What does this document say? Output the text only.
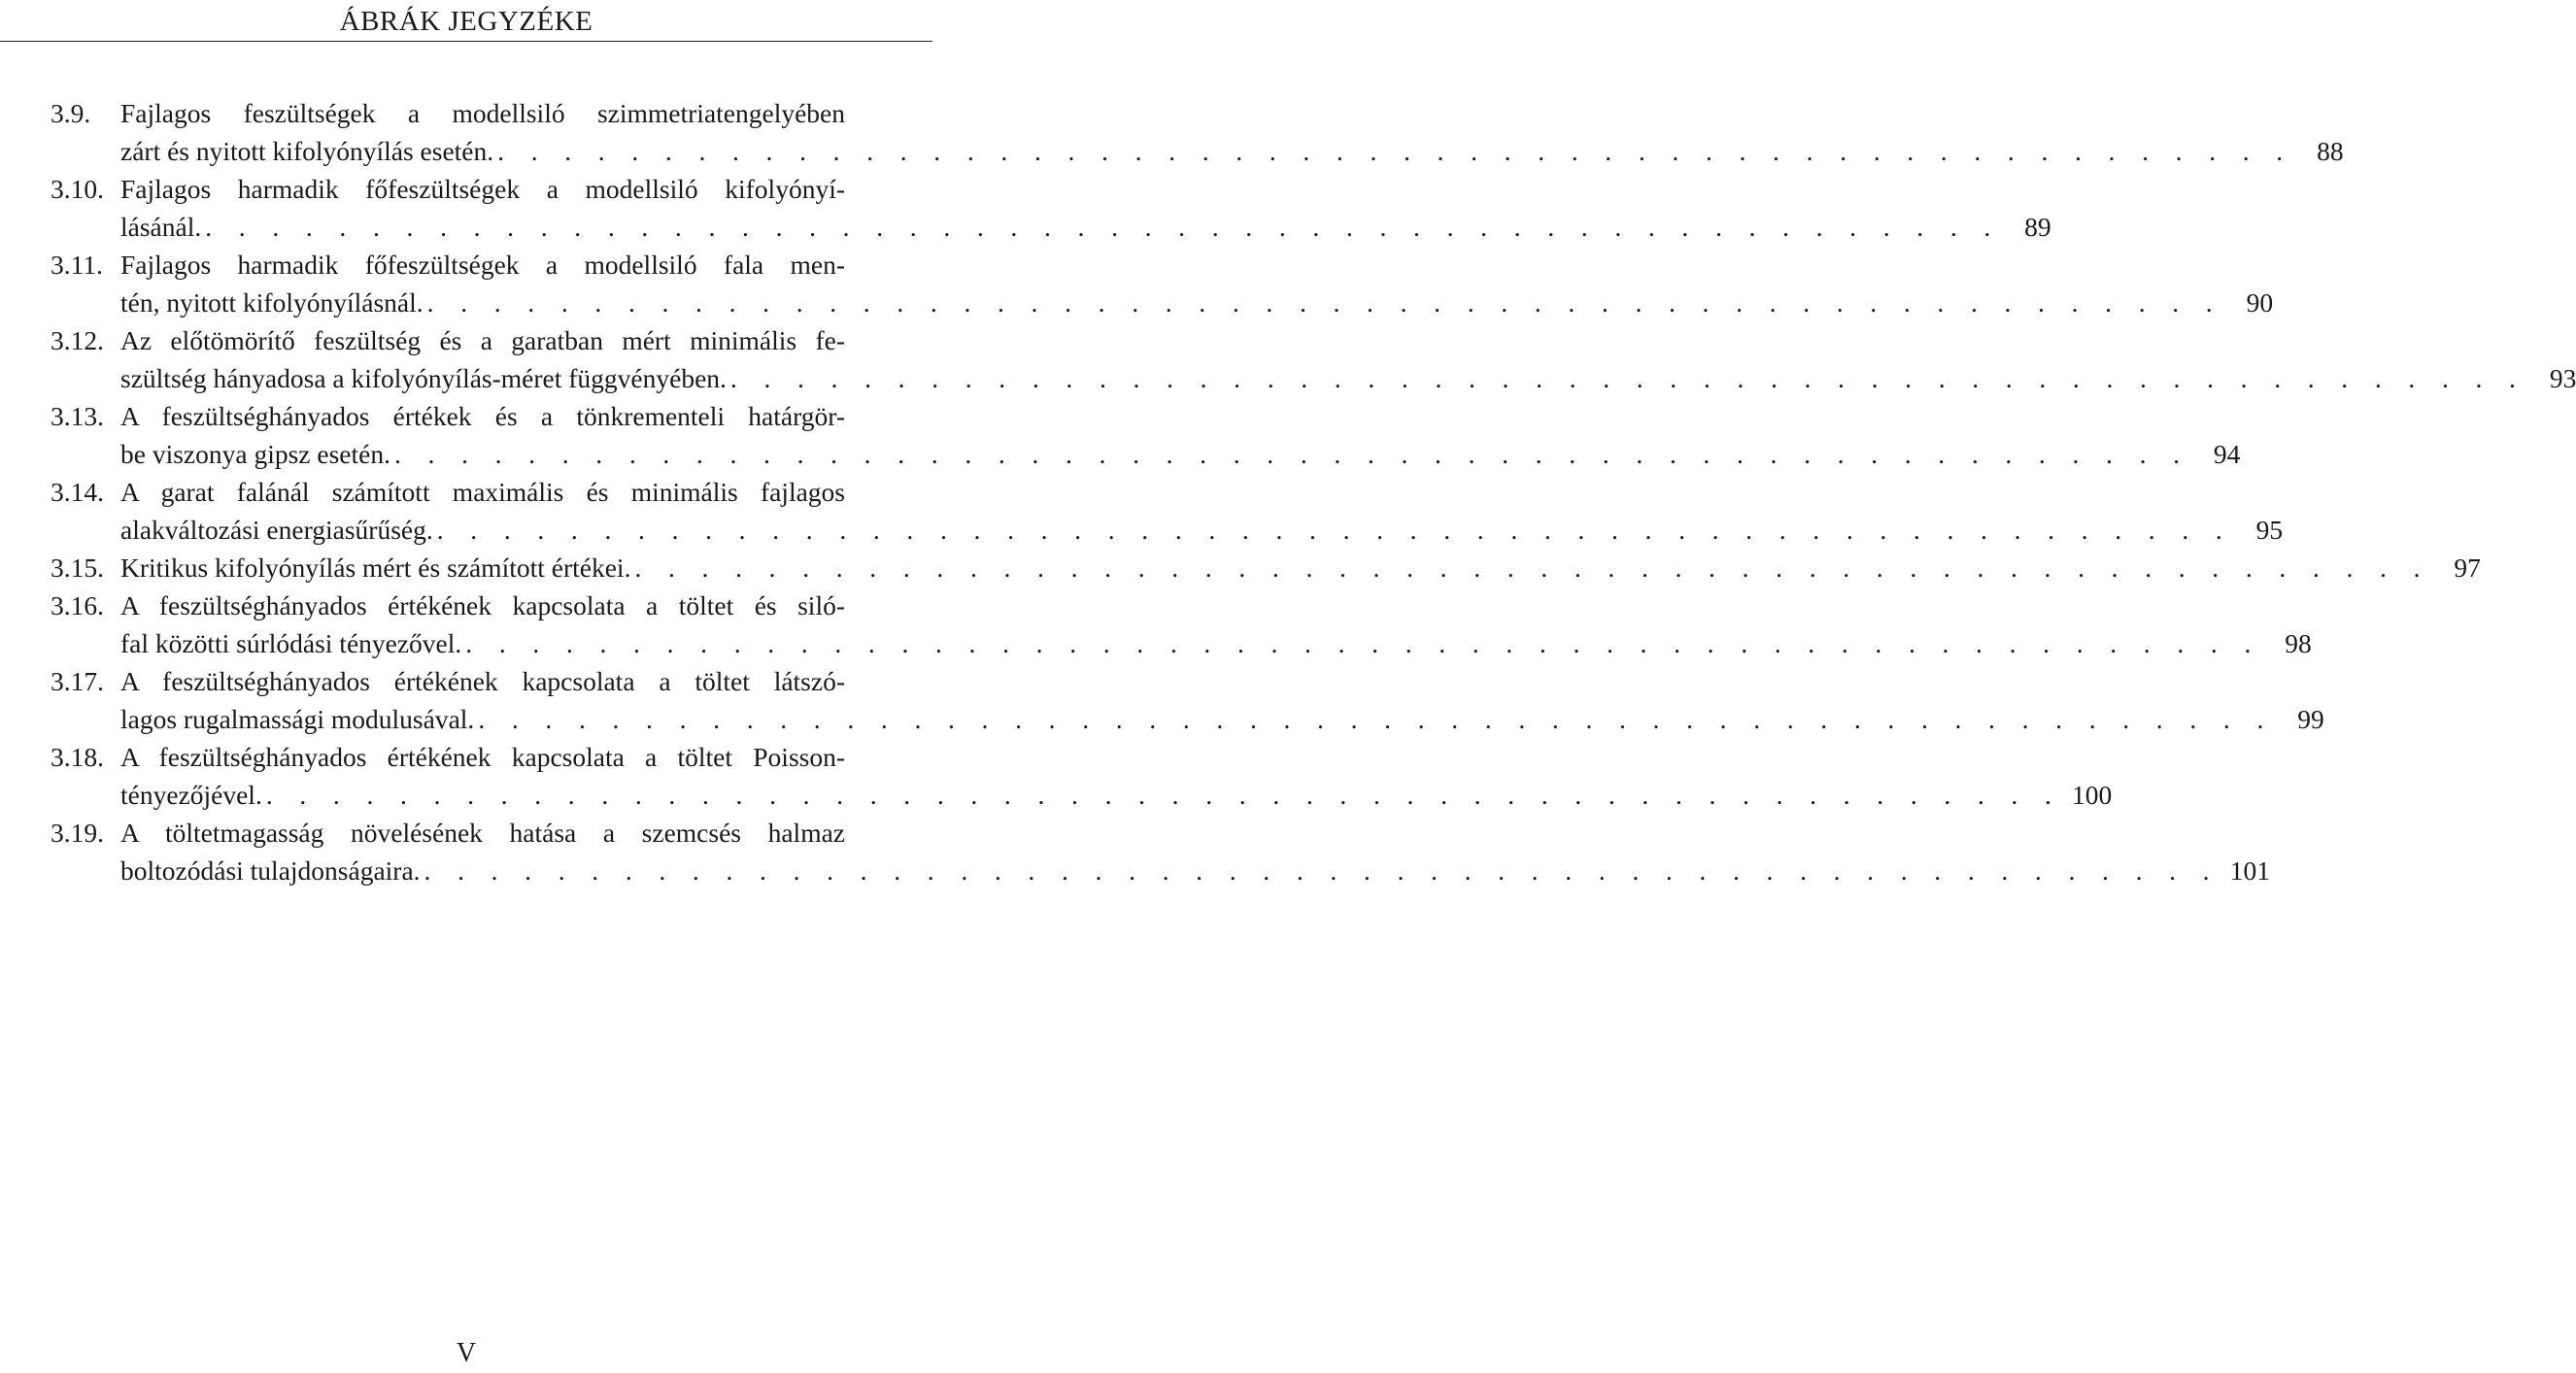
ÁBRÁK JEGYZÉKE
3.9.	Fajlagos feszültségek a modellsiló szimmetriatengelyében
zárt és nyitott kifolyónyílás esetén. . . . . . . . . . . . . . . . . . . . . . . . . . . . . . . . . . . . . . . . . . . . . . . . . . . . . . . 88
3.10. Fajlagos harmadik főfeszültségek a modellsiló kifolyónyí-
lásánál. . . . . . . . . . . . . . . . . . . . . . . . . . . . . . . . . . . . . . . . . . . . . . . . . . . . . . . 89
3.11. Fajlagos harmadik főfeszültségek a modellsiló fala men-
tén, nyitott kifolyónyílásnál. . . . . . . . . . . . . . . . . . . . . . . . . . . . . . . . . . . . . . . . . . . . . . . . . . . . . . . 90
3.12. Az előtömörítő feszültség és a garatban mért minimális fe-
szültség hányadosa a kifolyónyílás-méret függvényében. . . . . . . . . . . . . . . . . . . . . . . . . . . . . . . . . . . . . . . . . . . . . . . . . . . . . . . 93
3.13. A feszültséghányados értékek és a tönkrementeli határgör-
be viszonya gipsz esetén. . . . . . . . . . . . . . . . . . . . . . . . . . . . . . . . . . . . . . . . . . . . . . . . . . . . . . . 94
3.14. A garat falánál számított maximális és minimális fajlagos
alakváltozási energiasűrűség. . . . . . . . . . . . . . . . . . . . . . . . . . . . . . . . . . . . . . . . . . . . . . . . . . . . . . . 95
3.15. Kritikus kifolyónyílás mért és számított értékei. . . . . . . . . . . . . . . . . . . . . . . . . . . . . . . . . . . . . . . . . . . . . . . . . . . . . . . 97
3.16. A feszültséghányados értékének kapcsolata a töltet és siló-
fal közötti súrlódási tényezővel. . . . . . . . . . . . . . . . . . . . . . . . . . . . . . . . . . . . . . . . . . . . . . . . . . . . . . . 98
3.17. A feszültséghányados értékének kapcsolata a töltet látszó-
lagos rugalmassági modulusával. . . . . . . . . . . . . . . . . . . . . . . . . . . . . . . . . . . . . . . . . . . . . . . . . . . . . . . 99
3.18. A feszültséghányados értékének kapcsolata a töltet Poisson-
tényezőjével. . . . . . . . . . . . . . . . . . . . . . . . . . . . . . . . . . . . . . . . . . . . . . . . . . . . . . . 100
3.19. A töltetmagasság növelésének hatása a szemcsés halmaz
boltozódási tulajdonságaira. . . . . . . . . . . . . . . . . . . . . . . . . . . . . . . . . . . . . . . . . . . . . . . . . . . . . . . 101
V
